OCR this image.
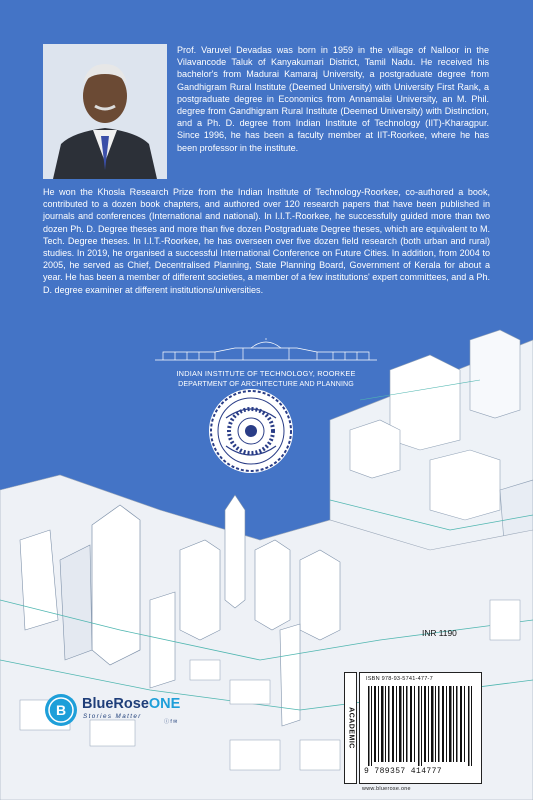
Prof. Varuvel Devadas was born in 1959 in the village of Nalloor in the Vilavancode Taluk of Kanyakumari District, Tamil Nadu. He received his bachelor's from Madurai Kamaraj University, a postgraduate degree from Gandhigram Rural Institute (Deemed University) with University First Rank, a postgraduate degree in Economics from Annamalai University, an M. Phil. degree from Gandhigram Rural Institute (Deemed University) with Distinction, and a Ph. D. degree from Indian Institute of Technology (IIT)-Kharagpur. Since 1996, he has been a faculty member at IIT-Roorkee, where he has been professor in the institute.
He won the Khosla Research Prize from the Indian Institute of Technology-Roorkee, co-authored a book, contributed to a dozen book chapters, and authored over 120 research papers that have been published in journals and conferences (International and national). In I.I.T.-Roorkee, he successfully guided more than two dozen Ph. D. Degree theses and more than five dozen Postgraduate Degree theses, which are equivalent to M. Tech. Degree theses. In I.I.T.-Roorkee, he has overseen over five dozen field research (both urban and rural) studies. In 2019, he organised a successful International Conference on Future Cities. In addition, from 2004 to 2005, he served as Chief, Decentralised Planning, State Planning Board, Government of Kerala for about a year. He has been a member of different societies, a member of a few institutions' expert committees, and a Ph. D. degree examiner at different institutions/universities.
INDIAN INSTITUTE OF TECHNOLOGY, ROORKEE
DEPARTMENT OF ARCHITECTURE AND PLANNING
B BlueRoseONE
Stories Matter
ⓘ f ✉
INR 1190
ACADEMIC
ISBN 978-93-5741-477-7
9 789357 414777
www.bluerose.one
